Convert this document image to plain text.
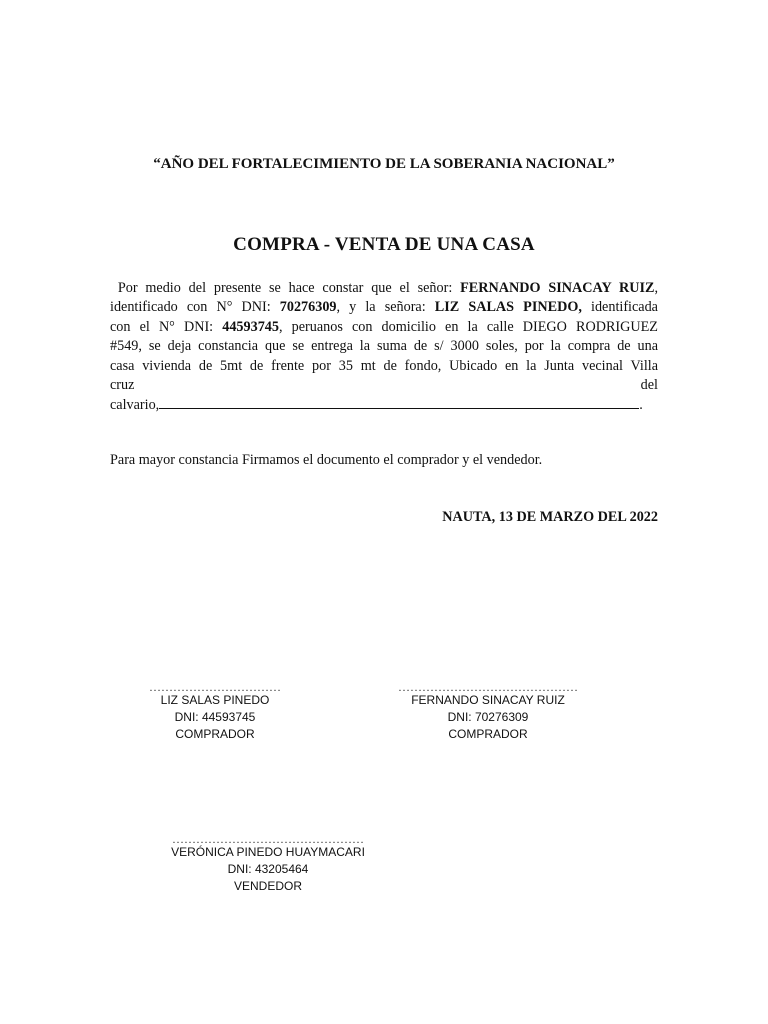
“AÑO DEL FORTALECIMIENTO DE LA SOBERANIA NACIONAL”
COMPRA - VENTA DE UNA CASA
Por medio del presente se hace constar que el señor: FERNANDO SINACAY RUIZ,
identificado con N° DNI: 70276309, y la señora: LIZ SALAS PINEDO, identificada
con el N° DNI: 44593745, peruanos con domicilio en la calle DIEGO RODRIGUEZ
#549, se deja constancia que se entrega la suma de s/ 3000 soles, por la compra de una
casa vivienda de 5mt de frente por 35 mt de fondo, Ubicado en la Junta vecinal Villa
cruz	del
calvario,	.
Para mayor constancia Firmamos el documento el comprador y el vendedor.
NAUTA, 13 DE MARZO DEL 2022
……………………………
LIZ SALAS PINEDO
DNI: 44593745
COMPRADOR
………………………………………
FERNANDO SINACAY RUIZ
DNI: 70276309
COMPRADOR
…………………………………………
VERÓNICA PINEDO HUAYMACARI
DNI: 43205464
VENDEDOR
